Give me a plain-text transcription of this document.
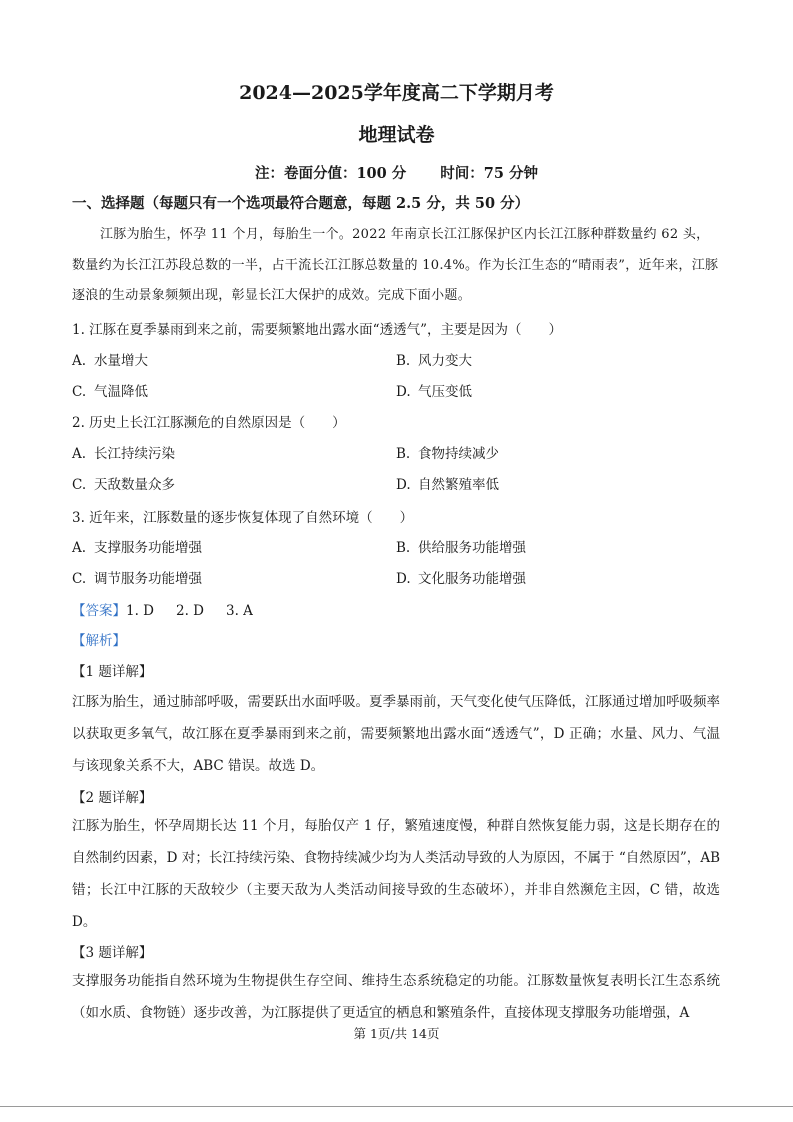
2024—2025学年度高二下学期月考
地理试卷
注：卷面分值：100 分 时间：75 分钟
一、选择题（每题只有一个选项最符合题意，每题 2.5 分，共 50 分）
江豚为胎生，怀孕 11 个月，每胎生一个。2022 年南京长江江豚保护区内长江江豚种群数量约 62 头，数量约为长江江苏段总数的一半，占干流长江江豚总数量的 10.4%。作为长江生态的“晴雨表”，近年来，江豚逐浪的生动景象频频出现，彰显长江大保护的成效。完成下面小题。
1. 江豚在夏季暴雨到来之前，需要频繁地出露水面“透透气”，主要是因为（　　）
A. 水量增大	B. 风力变大
C. 气温降低	D. 气压变低
2. 历史上长江江豚濒危的自然原因是（　　）
A. 长江持续污染	B. 食物持续减少
C. 天敌数量众多	D. 自然繁殖率低
3. 近年来，江豚数量的逐步恢复体现了自然环境（　　）
A. 支撑服务功能增强	B. 供给服务功能增强
C. 调节服务功能增强	D. 文化服务功能增强
【答案】1. D 2. D 3. A
【解析】
【1 题详解】
江豚为胎生，通过肺部呼吸，需要跃出水面呼吸。夏季暴雨前，天气变化使气压降低，江豚通过增加呼吸频率以获取更多氧气，故江豚在夏季暴雨到来之前，需要频繁地出露水面“透透气”，D 正确；水量、风力、气温与该现象关系不大，ABC 错误。故选 D。
【2 题详解】
江豚为胎生，怀孕周期长达 11 个月，每胎仅产 1 仔，繁殖速度慢，种群自然恢复能力弱，这是长期存在的自然制约因素，D 对；长江持续污染、食物持续减少均为人类活动导致的人为原因，不属于 “自然原因”，AB 错；长江中江豚的天敌较少（主要天敌为人类活动间接导致的生态破坏），并非自然濒危主因，C 错，故选 D。
【3 题详解】
支撑服务功能指自然环境为生物提供生存空间、维持生态系统稳定的功能。江豚数量恢复表明长江生态系统（如水质、食物链）逐步改善，为江豚提供了更适宜的栖息和繁殖条件，直接体现支撑服务功能增强，A
第 1页/共 14页
